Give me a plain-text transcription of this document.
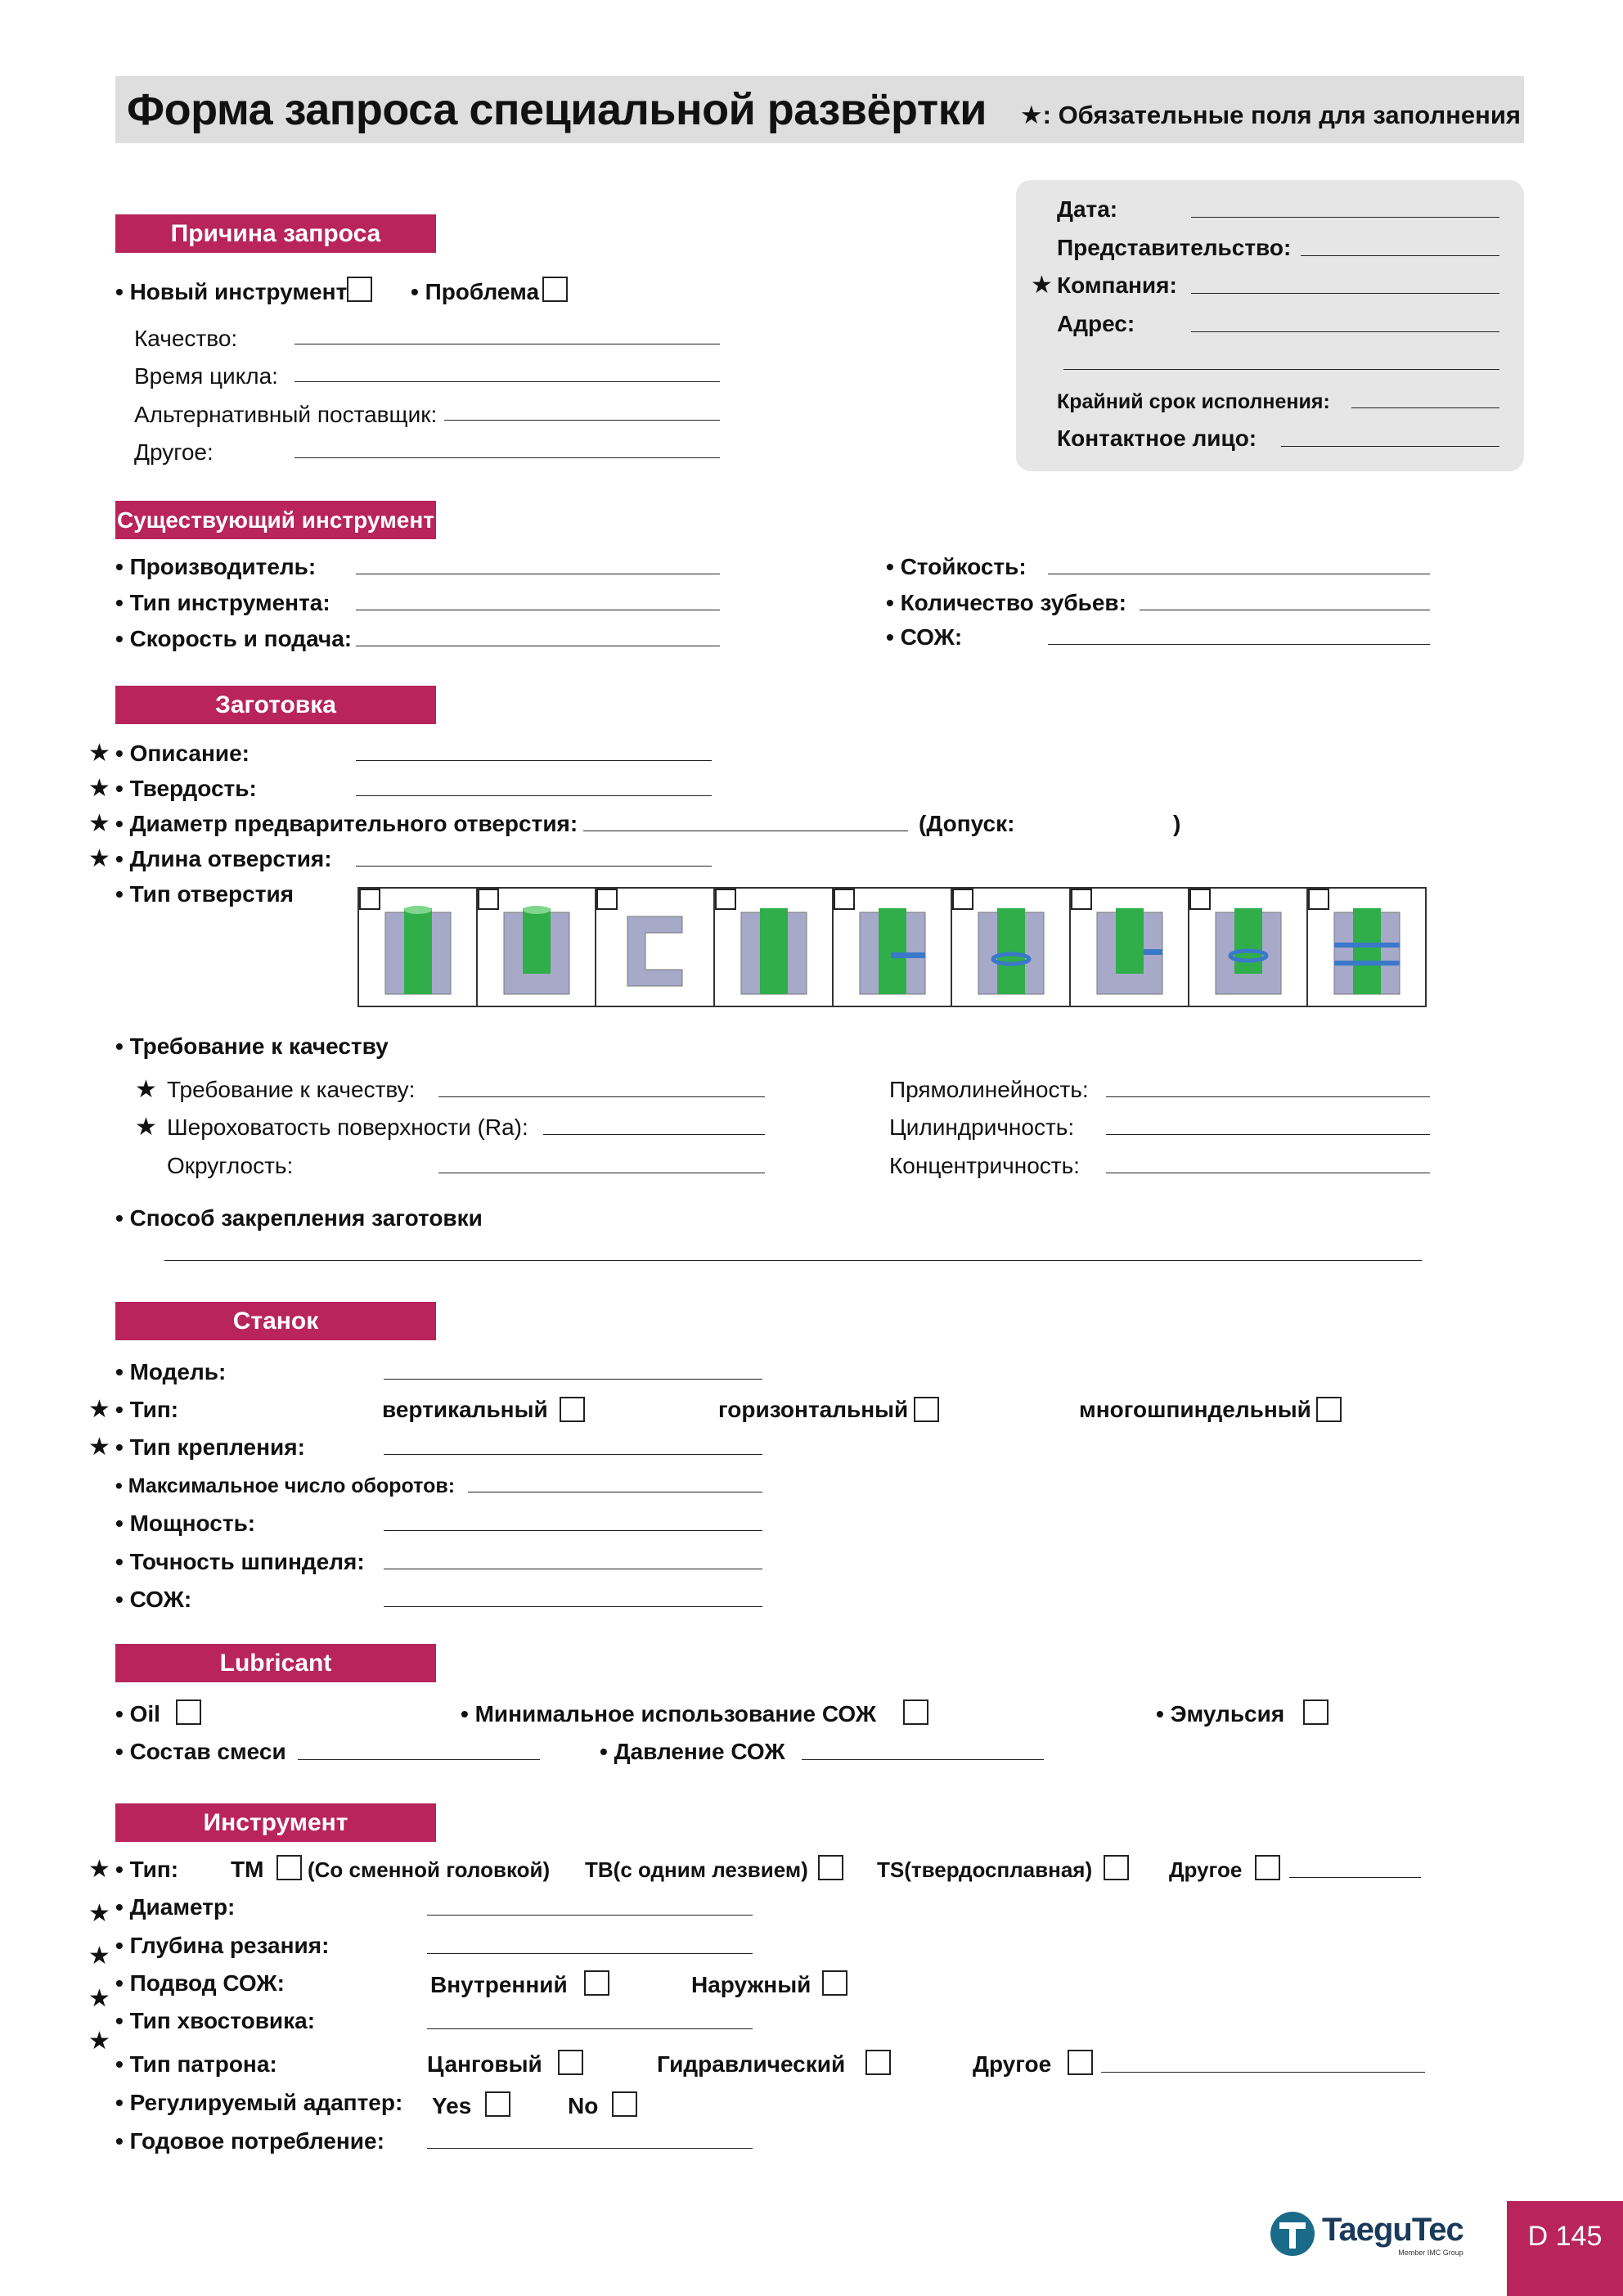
Форма запроса специальной развёртки ★: Обязательные поля для заполнения
Дата:
Представительство:
★ Компания:
Адрес:
Крайний срок исполнения:
Контактное лицо:
Причина запроса
• Новый инструмент	• Проблема
Качество:
Время цикла:
Альтернативный поставщик:
Другое:
Существующий инструмент
• Производитель:
• Тип инструмента:
• Скорость и подача:
• Стойкость:
• Количество зубьев:
• СОЖ:
Заготовка
★ • Описание:
★ • Твердость:
★ • Диаметр предварительного отверстия:	(Допуск:	)
★ • Длина отверстия:
• Тип отверстия
• Требование к качеству
★ Требование к качеству:
★ Шероховатость поверхности (Ra):
Округлость:
Прямолинейность:
Цилиндричность:
Концентричность:
• Способ закрепления заготовки
Станок
• Модель:
★ • Тип:	вертикальный	горизонтальный	многошпиндельный
★ • Тип крепления:
• Максимальное число оборотов:
• Мощность:
• Точность шпинделя:
• СОЖ:
Lubricant
• Oil	• Минимальное использование СОЖ	• Эмульсия
• Состав смеси	• Давление СОЖ
Инструмент
★ • Тип: TM (Со сменной головкой) TB(с одним лезвием)	TS(твердосплавная)	Другое
★ • Диаметр:
★ • Глубина резания:
★
• Подвод СОЖ:	Внутренний	Наружный
★
• Тип хвостовика:
• Тип патрона:	Цанговый	Гидравлический	Другое
• Регулируемый адаптер: Yes	No
• Годовое потребление:
TaeguTec
Member IMC Group
D 145
